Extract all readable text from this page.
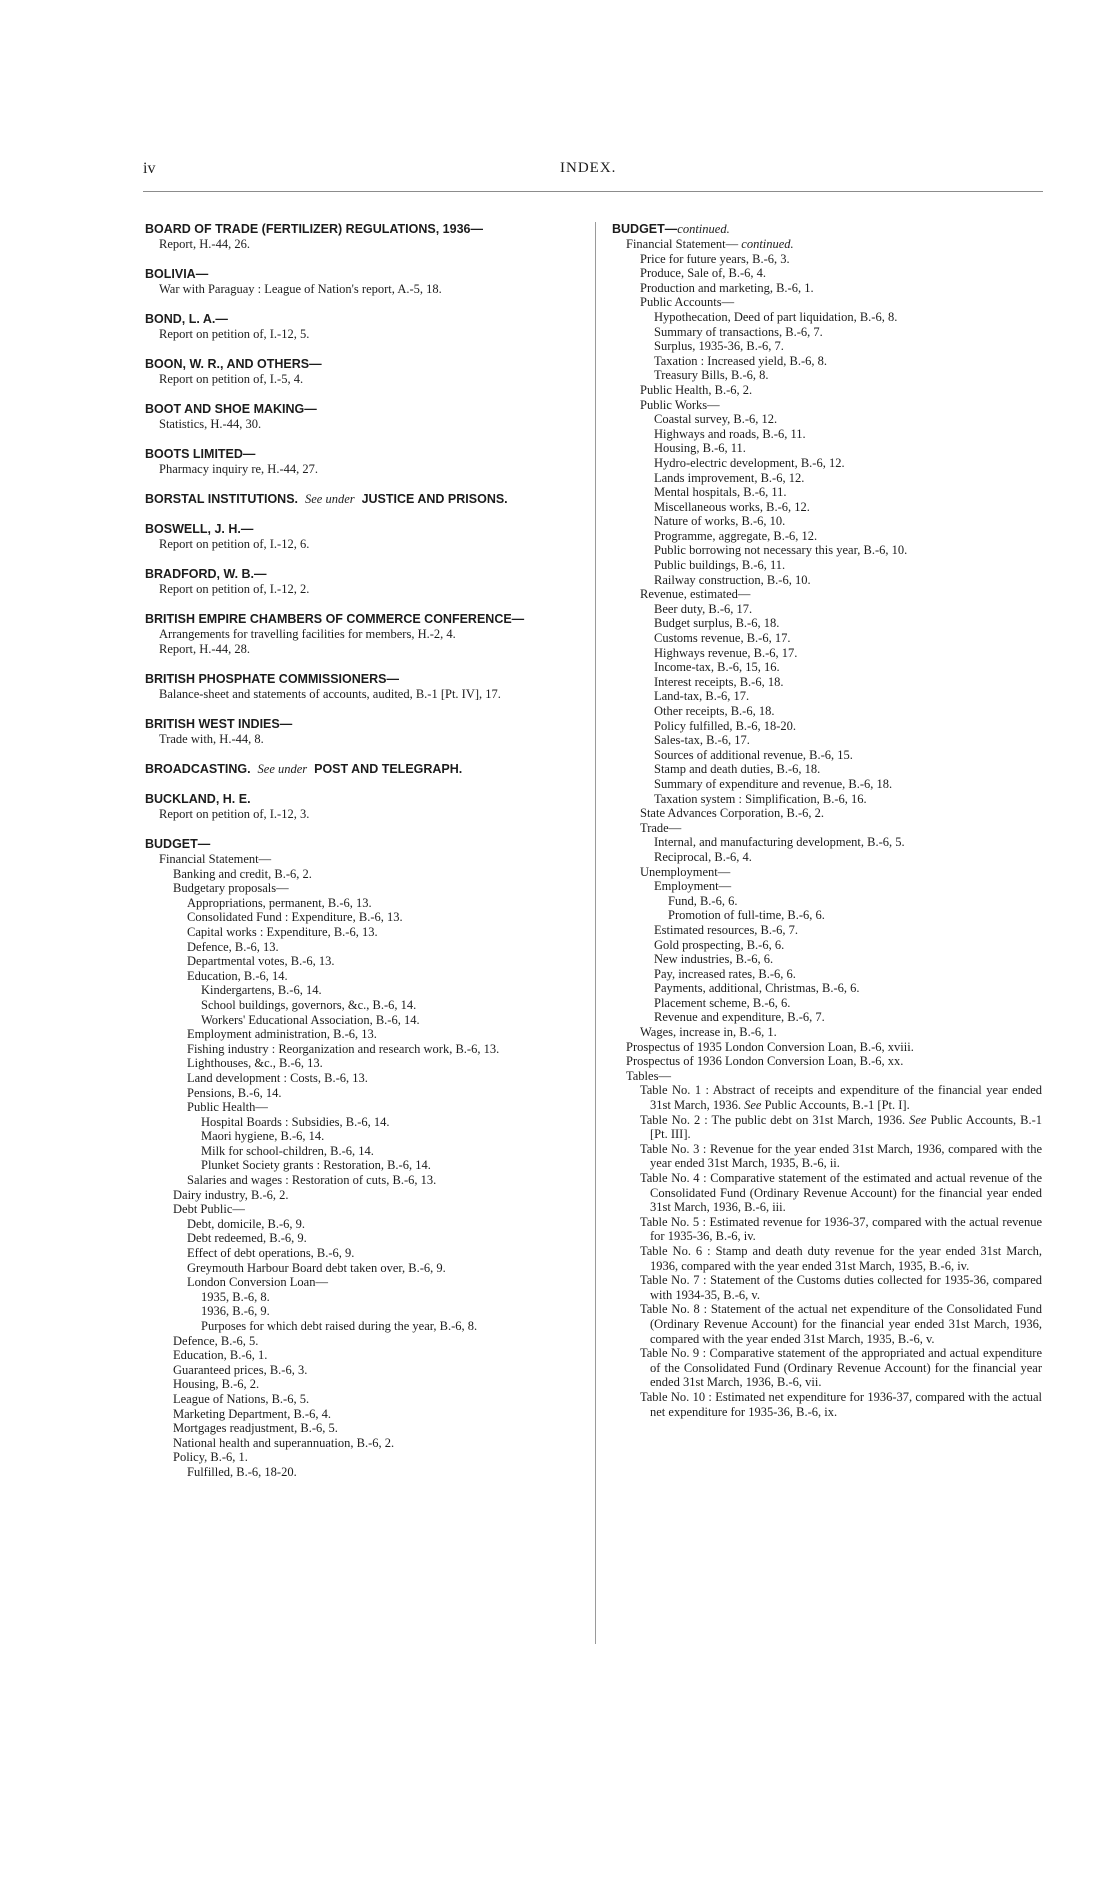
iv	INDEX.
BOARD OF TRADE (FERTILIZER) REGULATIONS, 1936—
Report, H.-44, 26.
BOLIVIA—
War with Paraguay : League of Nation's report, A.-5, 18.
BOND, L. A.—
Report on petition of, I.-12, 5.
BOON, W. R., AND OTHERS—
Report on petition of, I.-5, 4.
BOOT AND SHOE MAKING—
Statistics, H.-44, 30.
BOOTS LIMITED—
Pharmacy inquiry re, H.-44, 27.
BORSTAL INSTITUTIONS. See under JUSTICE AND PRISONS.
BOSWELL, J. H.—
Report on petition of, I.-12, 6.
BRADFORD, W. B.—
Report on petition of, I.-12, 2.
BRITISH EMPIRE CHAMBERS OF COMMERCE CONFERENCE—
Arrangements for travelling facilities for members, H.-2, 4.
Report, H.-44, 28.
BRITISH PHOSPHATE COMMISSIONERS—
Balance-sheet and statements of accounts, audited, B.-1 [Pt. IV], 17.
BRITISH WEST INDIES—
Trade with, H.-44, 8.
BROADCASTING. See under POST AND TELEGRAPH.
BUCKLAND, H. E.
Report on petition of, I.-12, 3.
BUDGET—
Financial Statement—
Banking and credit, B.-6, 2.
Budgetary proposals—
Appropriations, permanent, B.-6, 13.
Consolidated Fund : Expenditure, B.-6, 13.
Capital works : Expenditure, B.-6, 13.
Defence, B.-6, 13.
Departmental votes, B.-6, 13.
Education, B.-6, 14.
Kindergartens, B.-6, 14.
School buildings, governors, &c., B.-6, 14.
Workers' Educational Association, B.-6, 14.
Employment administration, B.-6, 13.
Fishing industry : Reorganization and research work, B.-6, 13.
Lighthouses, &c., B.-6, 13.
Land development : Costs, B.-6, 13.
Pensions, B.-6, 14.
Public Health—
Hospital Boards : Subsidies, B.-6, 14.
Maori hygiene, B.-6, 14.
Milk for school-children, B.-6, 14.
Plunket Society grants : Restoration, B.-6, 14.
Salaries and wages : Restoration of cuts, B.-6, 13.
Dairy industry, B.-6, 2.
Debt Public—
Debt, domicile, B.-6, 9.
Debt redeemed, B.-6, 9.
Effect of debt operations, B.-6, 9.
Greymouth Harbour Board debt taken over, B.-6, 9.
London Conversion Loan—
1935, B.-6, 8.
1936, B.-6, 9.
Purposes for which debt raised during the year, B.-6, 8.
Defence, B.-6, 5.
Education, B.-6, 1.
Guaranteed prices, B.-6, 3.
Housing, B.-6, 2.
League of Nations, B.-6, 5.
Marketing Department, B.-6, 4.
Mortgages readjustment, B.-6, 5.
National health and superannuation, B.-6, 2.
Policy, B.-6, 1.
Fulfilled, B.-6, 18-20.
BUDGET—continued.
Financial Statement— continued.
Price for future years, B.-6, 3.
Produce, Sale of, B.-6, 4.
Production and marketing, B.-6, 1.
Public Accounts—
Hypothecation, Deed of part liquidation, B.-6, 8.
Summary of transactions, B.-6, 7.
Surplus, 1935-36, B.-6, 7.
Taxation : Increased yield, B.-6, 8.
Treasury Bills, B.-6, 8.
Public Health, B.-6, 2.
Public Works—
Coastal survey, B.-6, 12.
Highways and roads, B.-6, 11.
Housing, B.-6, 11.
Hydro-electric development, B.-6, 12.
Lands improvement, B.-6, 12.
Mental hospitals, B.-6, 11.
Miscellaneous works, B.-6, 12.
Nature of works, B.-6, 10.
Programme, aggregate, B.-6, 12.
Public borrowing not necessary this year, B.-6, 10.
Public buildings, B.-6, 11.
Railway construction, B.-6, 10.
Revenue, estimated—
Beer duty, B.-6, 17.
Budget surplus, B.-6, 18.
Customs revenue, B.-6, 17.
Highways revenue, B.-6, 17.
Income-tax, B.-6, 15, 16.
Interest receipts, B.-6, 18.
Land-tax, B.-6, 17.
Other receipts, B.-6, 18.
Policy fulfilled, B.-6, 18-20.
Sales-tax, B.-6, 17.
Sources of additional revenue, B.-6, 15.
Stamp and death duties, B.-6, 18.
Summary of expenditure and revenue, B.-6, 18.
Taxation system : Simplification, B.-6, 16.
State Advances Corporation, B.-6, 2.
Trade—
Internal, and manufacturing development, B.-6, 5.
Reciprocal, B.-6, 4.
Unemployment—
Employment—
Fund, B.-6, 6.
Promotion of full-time, B.-6, 6.
Estimated resources, B.-6, 7.
Gold prospecting, B.-6, 6.
New industries, B.-6, 6.
Pay, increased rates, B.-6, 6.
Payments, additional, Christmas, B.-6, 6.
Placement scheme, B.-6, 6.
Revenue and expenditure, B.-6, 7.
Wages, increase in, B.-6, 1.
Prospectus of 1935 London Conversion Loan, B.-6, xviii.
Prospectus of 1936 London Conversion Loan, B.-6, xx.
Tables—
Table No. 1 : Abstract of receipts and expenditure of the financial year ended 31st March, 1936. See Public Accounts, B.-1 [Pt. I].
Table No. 2 : The public debt on 31st March, 1936. See Public Accounts, B.-1 [Pt. III].
Table No. 3 : Revenue for the year ended 31st March, 1936, compared with the year ended 31st March, 1935, B.-6, ii.
Table No. 4 : Comparative statement of the estimated and actual revenue of the Consolidated Fund (Ordinary Revenue Account) for the financial year ended 31st March, 1936, B.-6, iii.
Table No. 5 : Estimated revenue for 1936-37, compared with the actual revenue for 1935-36, B.-6, iv.
Table No. 6 : Stamp and death duty revenue for the year ended 31st March, 1936, compared with the year ended 31st March, 1935, B.-6, iv.
Table No. 7 : Statement of the Customs duties collected for 1935-36, compared with 1934-35, B.-6, v.
Table No. 8 : Statement of the actual net expenditure of the Consolidated Fund (Ordinary Revenue Account) for the financial year ended 31st March, 1936, compared with the year ended 31st March, 1935, B.-6, v.
Table No. 9 : Comparative statement of the appropriated and actual expenditure of the Consolidated Fund (Ordinary Revenue Account) for the financial year ended 31st March, 1936, B.-6, vii.
Table No. 10 : Estimated net expenditure for 1936-37, compared with the actual net expenditure for 1935-36, B.-6, ix.
